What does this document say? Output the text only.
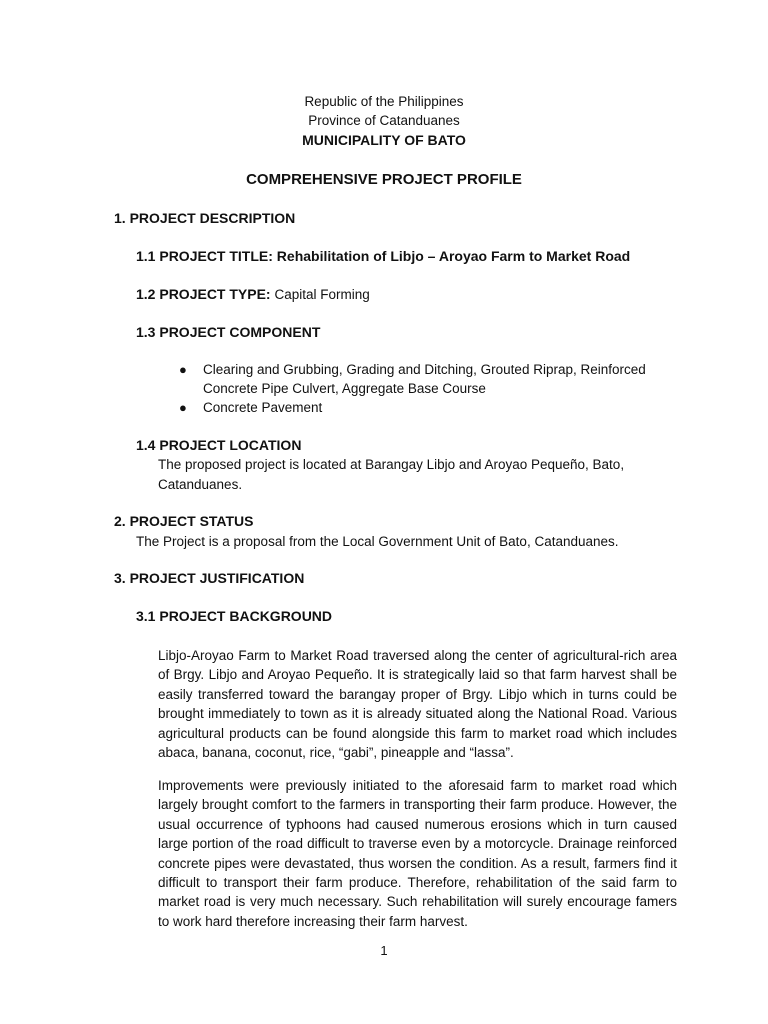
Republic of the Philippines
Province of Catanduanes
MUNICIPALITY OF BATO
COMPREHENSIVE PROJECT PROFILE
1. PROJECT DESCRIPTION
1.1 PROJECT TITLE: Rehabilitation of Libjo – Aroyao Farm to Market Road
1.2 PROJECT TYPE: Capital Forming
1.3 PROJECT COMPONENT
● Clearing and Grubbing, Grading and Ditching, Grouted Riprap, Reinforced
Concrete Pipe Culvert, Aggregate Base Course
● Concrete Pavement
1.4 PROJECT LOCATION
The proposed project is located at Barangay Libjo and Aroyao Pequeño, Bato,
Catanduanes.
2. PROJECT STATUS
The Project is a proposal from the Local Government Unit of Bato, Catanduanes.
3. PROJECT JUSTIFICATION
3.1 PROJECT BACKGROUND
Libjo-Aroyao Farm to Market Road traversed along the center of agricultural-rich area of Brgy. Libjo and Aroyao Pequeño. It is strategically laid so that farm harvest shall be easily transferred toward the barangay proper of Brgy. Libjo which in turns could be brought immediately to town as it is already situated along the National Road. Various agricultural products can be found alongside this farm to market road which includes abaca, banana, coconut, rice, “gabi”, pineapple and “lassa”.
Improvements were previously initiated to the aforesaid farm to market road which largely brought comfort to the farmers in transporting their farm produce. However, the usual occurrence of typhoons had caused numerous erosions which in turn caused large portion of the road difficult to traverse even by a motorcycle. Drainage reinforced concrete pipes were devastated, thus worsen the condition. As a result, farmers find it difficult to transport their farm produce. Therefore, rehabilitation of the said farm to market road is very much necessary. Such rehabilitation will surely encourage famers to work hard therefore increasing their farm harvest.
1
